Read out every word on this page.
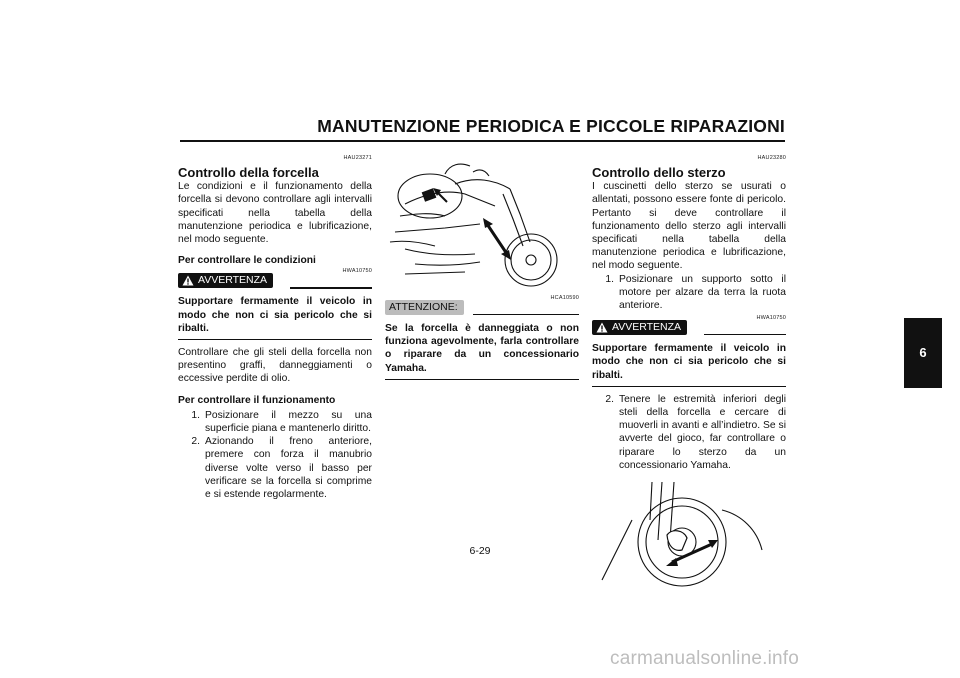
MANUTENZIONE PERIODICA E PICCOLE RIPARAZIONI
HAU23271
Controllo della forcella

Le condizioni e il funzionamento della forcella si devono controllare agli intervalli specificati nella tabella della manutenzione periodica e lubrificazione, nel modo seguente.

Per controllare le condizioni
AVVERTENZA
HWA10750
Supportare fermamente il veicolo in modo che non ci sia pericolo che si ribalti.

Controllare che gli steli della forcella non presentino graffi, danneggiamenti o eccessive perdite di olio.

Per controllare il funzionamento
1. Posizionare il mezzo su una superficie piana e mantenerlo diritto.
2. Azionando il freno anteriore, premere con forza il manubrio diverse volte verso il basso per verificare se la forcella si comprime e si estende regolarmente.
HCA10590
ATTENZIONE:
Se la forcella è danneggiata o non funziona agevolmente, farla controllare o riparare da un concessionario Yamaha.
HAU23280
Controllo dello sterzo

I cuscinetti dello sterzo se usurati o allentati, possono essere fonte di pericolo. Pertanto si deve controllare il funzionamento dello sterzo agli intervalli specificati nella tabella della manutenzione periodica e lubrificazione, nel modo seguente.

1. Posizionare un supporto sotto il motore per alzare da terra la ruota anteriore.
AVVERTENZA
HWA10750
Supportare fermamente il veicolo in modo che non ci sia pericolo che si ribalti.
2. Tenere le estremità inferiori degli steli della forcella e cercare di muoverli in avanti e all’indietro. Se si avverte del gioco, far controllare o riparare lo sterzo da un concessionario Yamaha.
6
6-29
carmanualsonline.info
